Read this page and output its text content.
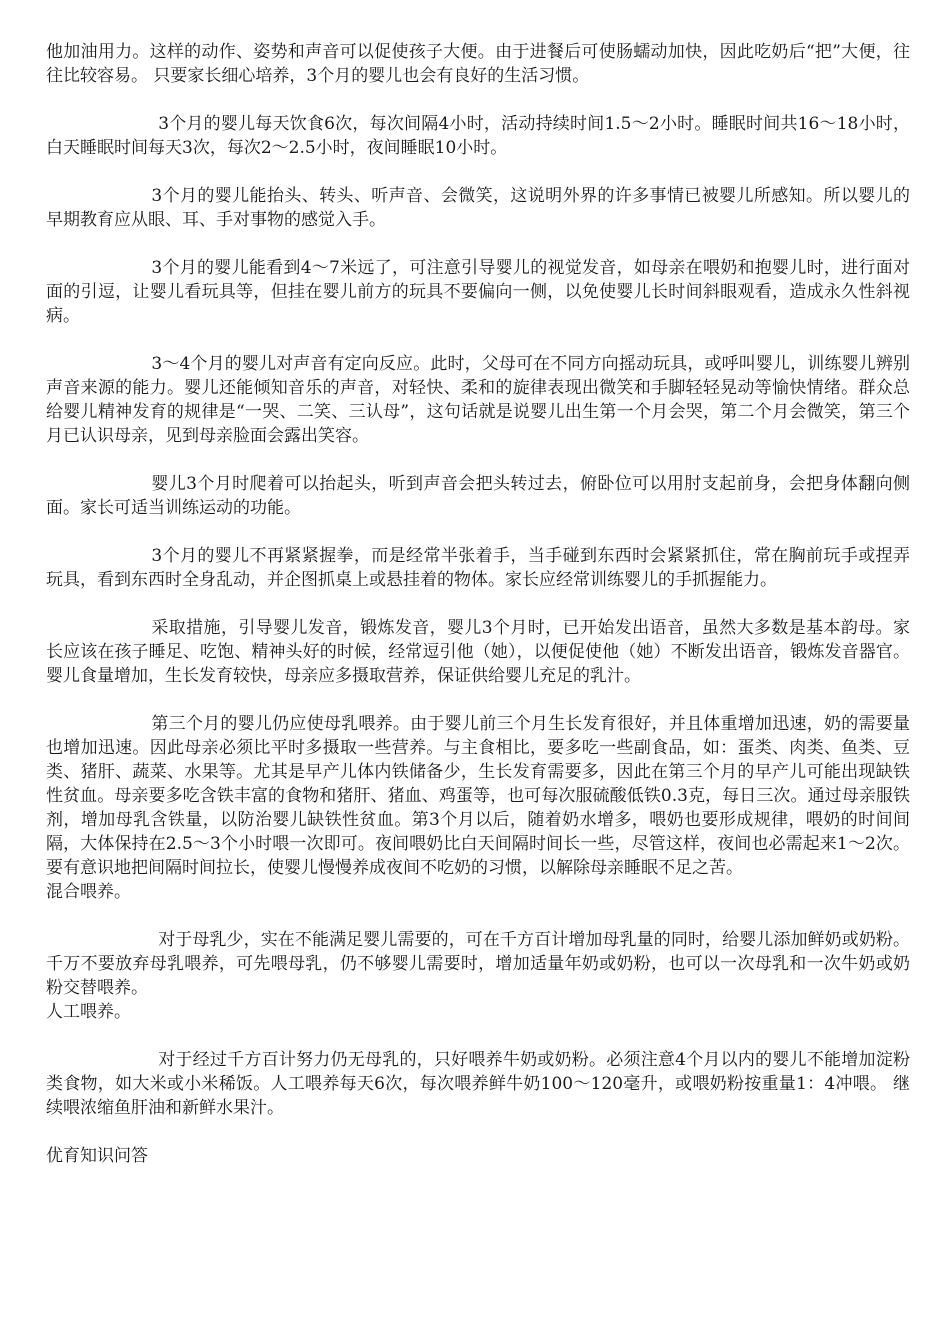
他加油用力。这样的动作、姿势和声音可以促使孩子大便。由于进餐后可使肠蠕动加快，因此吃奶后“把”大便，往往比较容易。 只要家长细心培养，3个月的婴儿也会有良好的生活习惯。

3个月的婴儿每天饮食6次，每次间隔4小时，活动持续时间1.5～2小时。睡眠时间共16～18小时，白天睡眠时间每天3次，每次2～2.5小时，夜间睡眠10小时。

3个月的婴儿能抬头、转头、听声音、会微笑，这说明外界的许多事情已被婴儿所感知。所以婴儿的早期教育应从眼、耳、手对事物的感觉入手。

3个月的婴儿能看到4～7米远了，可注意引导婴儿的视觉发音，如母亲在喂奶和抱婴儿时，进行面对面的引逗，让婴儿看玩具等，但挂在婴儿前方的玩具不要偏向一侧，以免使婴儿长时间斜眼观看，造成永久性斜视病。

3～4个月的婴儿对声音有定向反应。此时，父母可在不同方向摇动玩具，或呼叫婴儿，训练婴儿辨别声音来源的能力。婴儿还能倾知音乐的声音，对轻快、柔和的旋律表现出微笑和手脚轻轻晃动等愉快情绪。群众总给婴儿精神发育的规律是“一哭、二笑、三认母”，这句话就是说婴儿出生第一个月会哭，第二个月会微笑，第三个月已认识母亲，见到母亲脸面会露出笑容。

婴儿3个月时爬着可以抬起头，听到声音会把头转过去，俯卧位可以用肘支起前身，会把身体翻向侧面。家长可适当训练运动的功能。

3个月的婴儿不再紧紧握拳，而是经常半张着手，当手碰到东西时会紧紧抓住，常在胸前玩手或捏弄玩具，看到东西时全身乱动，并企图抓桌上或悬挂着的物体。家长应经常训练婴儿的手抓握能力。

采取措施，引导婴儿发音，锻炼发音，婴儿3个月时，已开始发出语音，虽然大多数是基本韵母。家长应该在孩子睡足、吃饱、精神头好的时候，经常逗引他（她），以便促使他（她）不断发出语音，锻炼发音器官。 婴儿食量增加，生长发育较快，母亲应多摄取营养，保证供给婴儿充足的乳汁。

第三个月的婴儿仍应使母乳喂养。由于婴儿前三个月生长发育很好，并且体重增加迅速，奶的需要量也增加迅速。因此母亲必须比平时多摄取一些营养。与主食相比，要多吃一些副食品，如：蛋类、肉类、鱼类、豆类、猪肝、蔬菜、水果等。尤其是早产儿体内铁储备少，生长发育需要多，因此在第三个月的早产儿可能出现缺铁性贫血。母亲要多吃含铁丰富的食物和猪肝、猪血、鸡蛋等，也可每次服硫酸低铁0.3克，每日三次。通过母亲服铁剂，增加母乳含铁量，以防治婴儿缺铁性贫血。第3个月以后，随着奶水增多，喂奶也要形成规律，喂奶的时间间隔，大体保持在2.5～3个小时喂一次即可。夜间喂奶比白天间隔时间长一些，尽管这样，夜间也必需起来1～2次。要有意识地把间隔时间拉长，使婴儿慢慢养成夜间不吃奶的习惯，以解除母亲睡眠不足之苦。

混合喂养。

对于母乳少，实在不能满足婴儿需要的，可在千方百计增加母乳量的同时，给婴儿添加鲜奶或奶粉。千万不要放弃母乳喂养，可先喂母乳，仍不够婴儿需要时，增加适量年奶或奶粉，也可以一次母乳和一次牛奶或奶粉交替喂养。

人工喂养。

对于经过千方百计努力仍无母乳的，只好喂养牛奶或奶粉。必须注意4个月以内的婴儿不能增加淀粉类食物，如大米或小米稀饭。人工喂养每天6次，每次喂养鲜牛奶100～120毫升，或喂奶粉按重量1：4冲喂。 继续喂浓缩鱼肝油和新鲜水果汁。

优育知识问答
